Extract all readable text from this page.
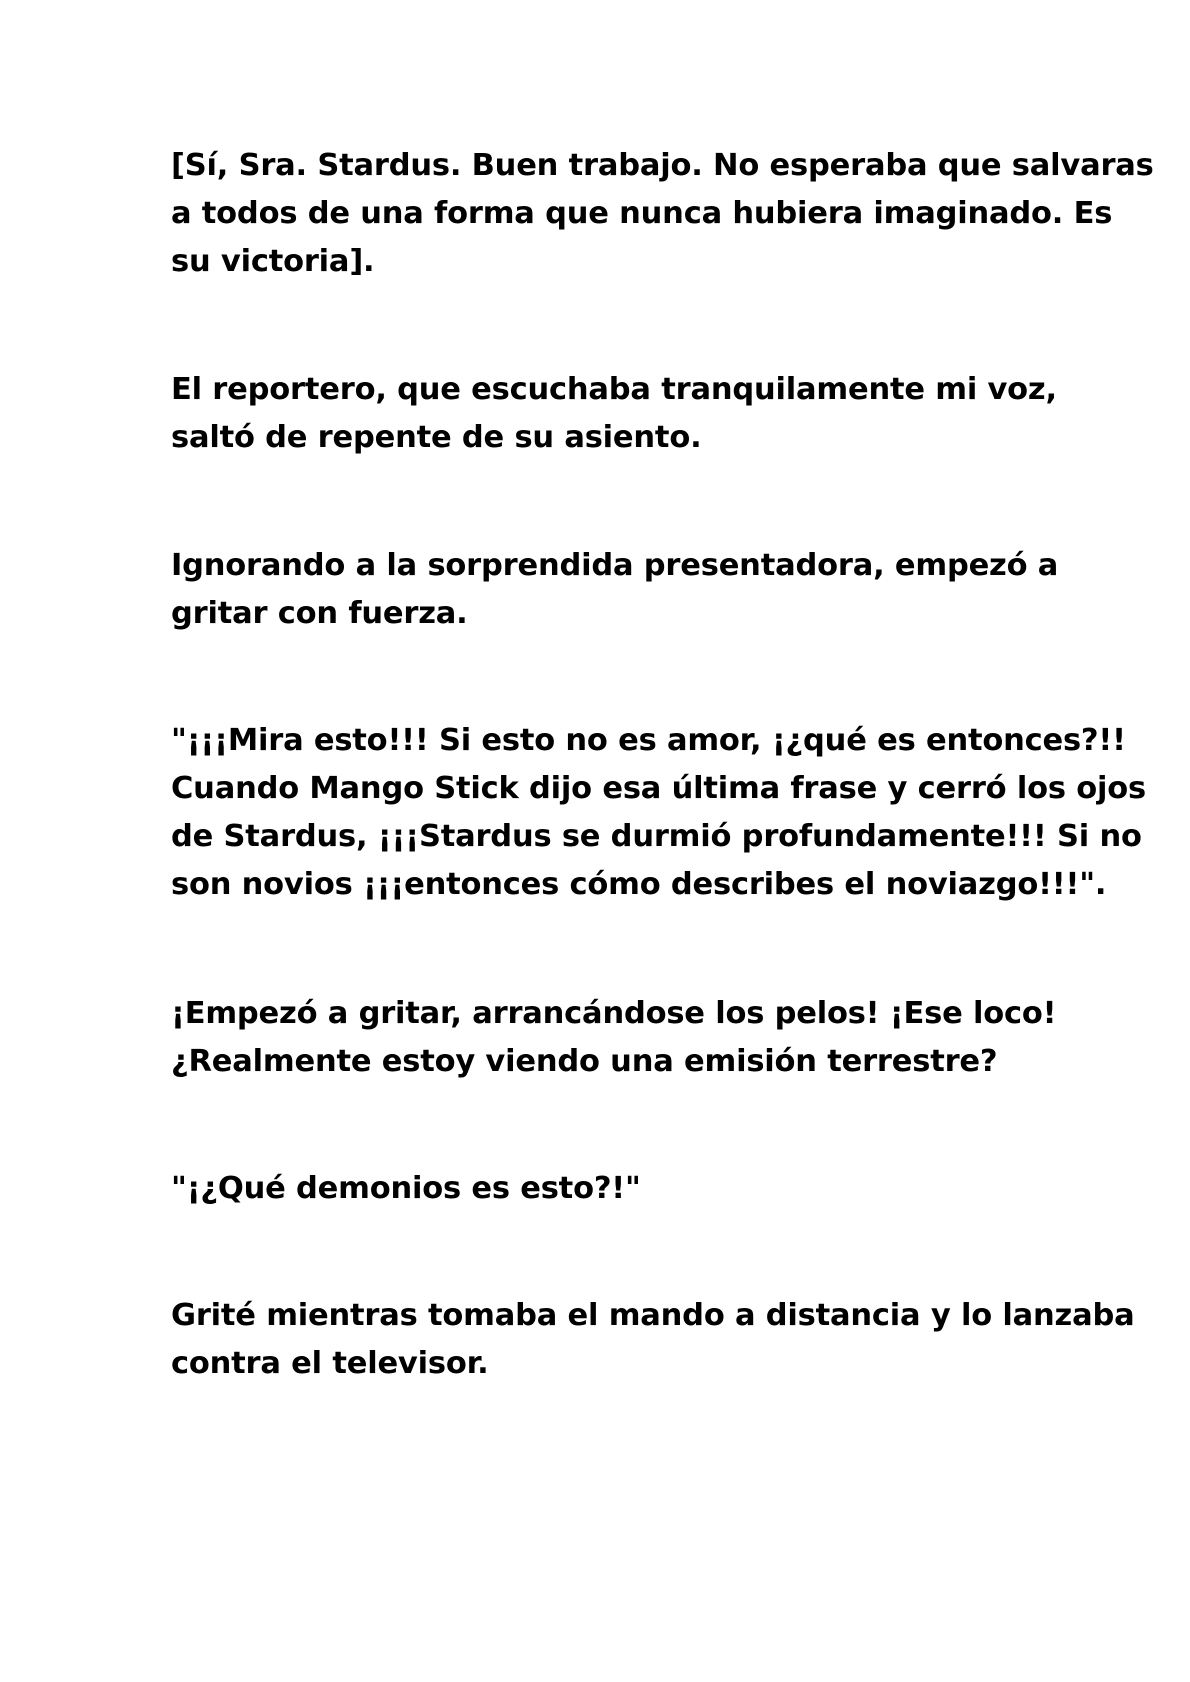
[Sí, Sra. Stardus. Buen trabajo. No esperaba que salvaras
a todos de una forma que nunca hubiera imaginado. Es
su victoria].
El reportero, que escuchaba tranquilamente mi voz,
saltó de repente de su asiento.
Ignorando a la sorprendida presentadora, empezó a
gritar con fuerza.
"¡¡¡Mira esto!!! Si esto no es amor, ¡¿qué es entonces?!!
Cuando Mango Stick dijo esa última frase y cerró los ojos
de Stardus, ¡¡¡Stardus se durmió profundamente!!! Si no
son novios ¡¡¡entonces cómo describes el noviazgo!!!".
¡Empezó a gritar, arrancándose los pelos! ¡Ese loco!
¿Realmente estoy viendo una emisión terrestre?
"¡¿Qué demonios es esto?!"
Grité mientras tomaba el mando a distancia y lo lanzaba
contra el televisor.
